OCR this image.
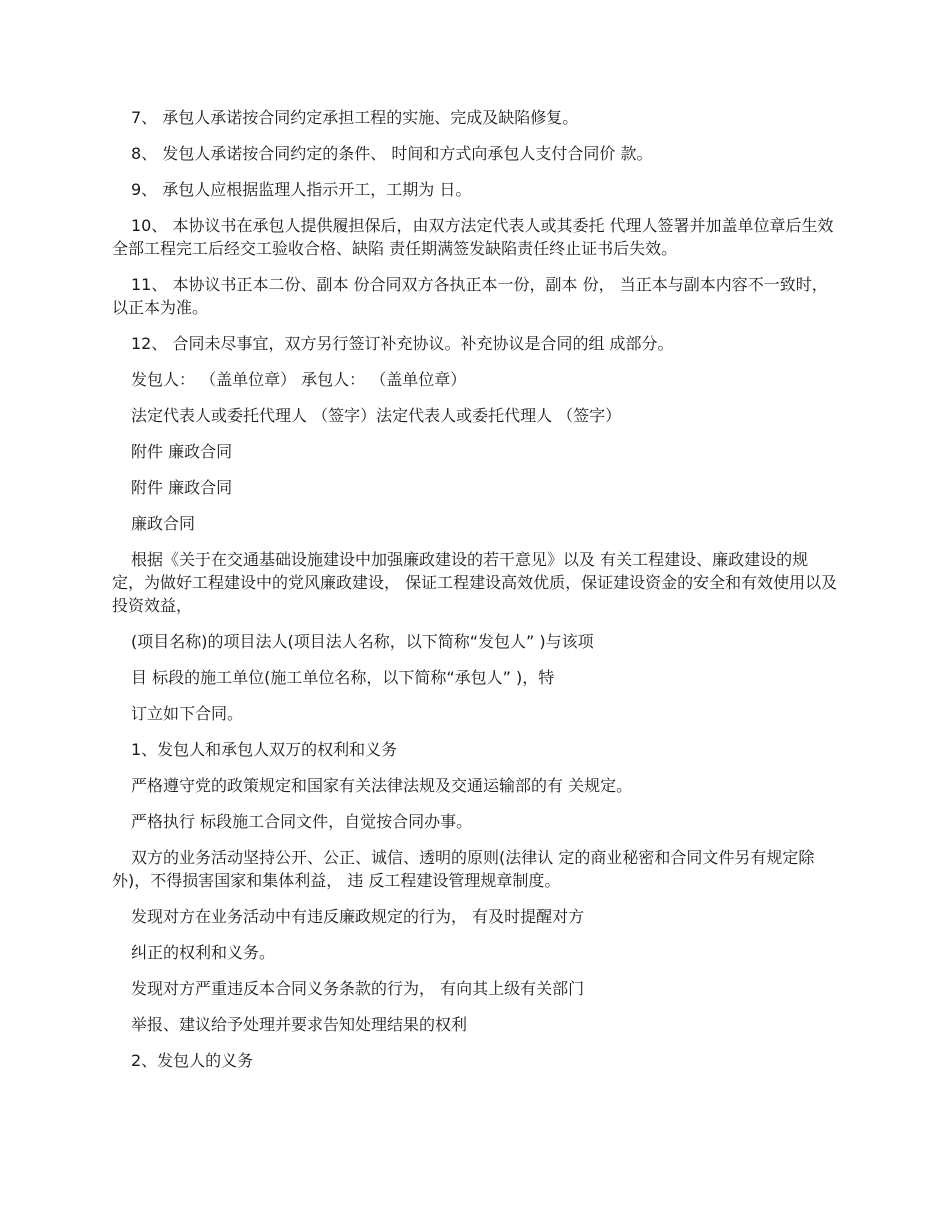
7、 承包人承诺按合同约定承担工程的实施、完成及缺陷修复。

8、 发包人承诺按合同约定的条件、 时间和方式向承包人支付合同价 款。

9、 承包人应根据监理人指示开工，工期为 日。

10、 本协议书在承包人提供履担保后，由双方法定代表人或其委托 代理人签署并加盖单位章后生效全部工程完工后经交工验收合格、缺陷 责任期满签发缺陷责任终止证书后失效。

11、 本协议书正本二份、副本 份合同双方各执正本一份，副本 份， 当正本与副本内容不一致时，以正本为准。

12、 合同未尽事宜，双方另行签订补充协议。补充协议是合同的组 成部分。

发包人： （盖单位章） 承包人： （盖单位章）

法定代表人或委托代理人 （签字）法定代表人或委托代理人 （签字）

附件 廉政合同

附件 廉政合同

廉政合同

根据《关于在交通基础设施建设中加强廉政建设的若干意见》以及 有关工程建设、廉政建设的规定，为做好工程建设中的党风廉政建设， 保证工程建设高效优质，保证建设资金的安全和有效使用以及投资效益，

(项目名称)的项目法人(项目法人名称，以下简称“发包人” )与该项

目 标段的施工单位(施工单位名称，以下简称“承包人” )，特

订立如下合同。

1、发包人和承包人双万的权利和义务

严格遵守党的政策规定和国家有关法律法规及交通运输部的有 关规定。

严格执行 标段施工合同文件，自觉按合同办事。

双方的业务活动坚持公开、公正、诚信、透明的原则(法律认 定的商业秘密和合同文件另有规定除外)，不得损害国家和集体利益， 违 反工程建设管理规章制度。

发现对方在业务活动中有违反廉政规定的行为， 有及时提醒对方

纠正的权利和义务。

发现对方严重违反本合同义务条款的行为， 有向其上级有关部门

举报、建议给予处理并要求告知处理结果的权利

2、发包人的义务
